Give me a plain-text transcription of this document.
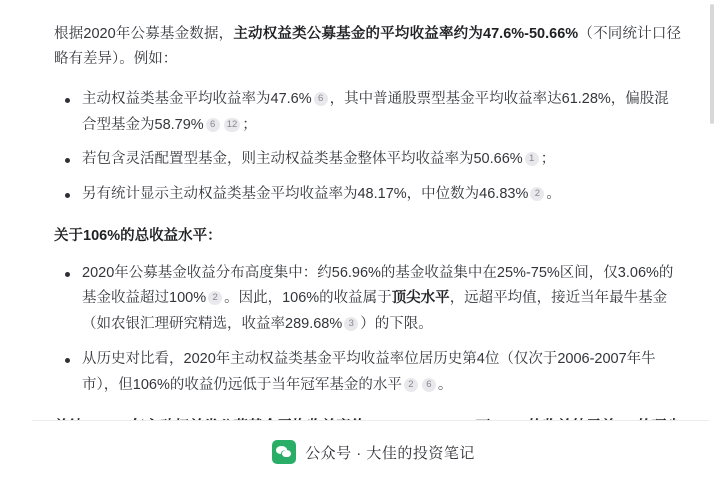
根据2020年公募基金数据，主动权益类公募基金的平均收益率约为47.6%-50.66%（不同统计口径略有差异）。例如：

主动权益类基金平均收益率为47.6% 6 ，其中普通股票型基金平均收益率达61.28%，偏股混合型基金为58.79% 6 12 ；
若包含灵活配置型基金，则主动权益类基金整体平均收益率为50.66% 1 ；
另有统计显示主动权益类基金平均收益率为48.17%，中位数为46.83% 2 。

关于106%的总收益水平：

2020年公募基金收益分布高度集中：约56.96%的基金收益集中在25%-75%区间，仅3.06%的基金收益超过100% 2 。因此，106%的收益属于顶尖水平，远超平均值，接近当年最牛基金（如农银汇理研究精选，收益率289.68% 3 ）的下限。
从历史对比看，2020年主动权益类基金平均收益率位居历史第4位（仅次于2006-2007年牛市），但106%的收益仍远低于当年冠军基金的水平 2 6 。

公众号 · 大佳的投资笔记
